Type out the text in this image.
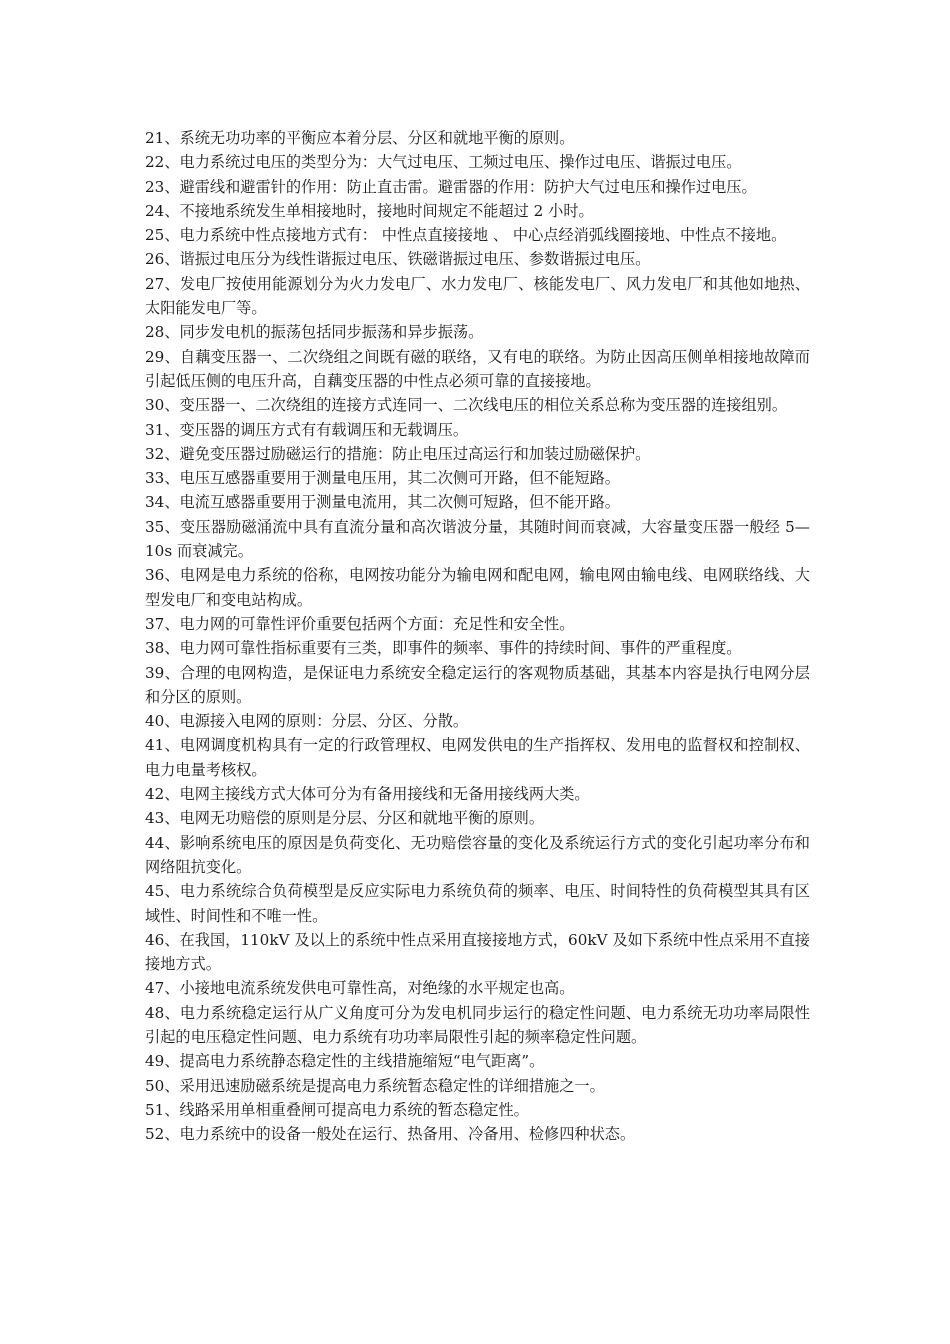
21、系统无功功率的平衡应本着分层、分区和就地平衡的原则。

22、电力系统过电压的类型分为：大气过电压、工频过电压、操作过电压、谐振过电压。

23、避雷线和避雷针的作用：防止直击雷。避雷器的作用：防护大气过电压和操作过电压。

24、不接地系统发生单相接地时，接地时间规定不能超过 2 小时。

25、电力系统中性点接地方式有： 中性点直接接地 、 中心点经消弧线圈接地、中性点不接地。

26、谐振过电压分为线性谐振过电压、铁磁谐振过电压、参数谐振过电压。

27、发电厂按使用能源划分为火力发电厂、水力发电厂、核能发电厂、风力发电厂和其他如地热、太阳能发电厂等。

28、同步发电机的振荡包括同步振荡和异步振荡。

29、自藕变压器一、二次绕组之间既有磁的联络，又有电的联络。为防止因高压侧单相接地故障而引起低压侧的电压升高，自藕变压器的中性点必须可靠的直接接地。

30、变压器一、二次绕组的连接方式连同一、二次线电压的相位关系总称为变压器的连接组别。

31、变压器的调压方式有有载调压和无载调压。

32、避免变压器过励磁运行的措施：防止电压过高运行和加装过励磁保护。

33、电压互感器重要用于测量电压用，其二次侧可开路，但不能短路。

34、电流互感器重要用于测量电流用，其二次侧可短路，但不能开路。

35、变压器励磁涌流中具有直流分量和高次谐波分量，其随时间而衰减，大容量变压器一般经 5—10s 而衰减完。

36、电网是电力系统的俗称，电网按功能分为输电网和配电网，输电网由输电线、电网联络线、大型发电厂和变电站构成。

37、电力网的可靠性评价重要包括两个方面：充足性和安全性。

38、电力网可靠性指标重要有三类，即事件的频率、事件的持续时间、事件的严重程度。

39、合理的电网构造，是保证电力系统安全稳定运行的客观物质基础，其基本内容是执行电网分层和分区的原则。

40、电源接入电网的原则：分层、分区、分散。

41、电网调度机构具有一定的行政管理权、电网发供电的生产指挥权、发用电的监督权和控制权、电力电量考核权。

42、电网主接线方式大体可分为有备用接线和无备用接线两大类。

43、电网无功赔偿的原则是分层、分区和就地平衡的原则。

44、影响系统电压的原因是负荷变化、无功赔偿容量的变化及系统运行方式的变化引起功率分布和网络阻抗变化。

45、电力系统综合负荷模型是反应实际电力系统负荷的频率、电压、时间特性的负荷模型其具有区域性、时间性和不唯一性。

46、在我国，110kV 及以上的系统中性点采用直接接地方式，60kV 及如下系统中性点采用不直接接地方式。

47、小接地电流系统发供电可靠性高，对绝缘的水平规定也高。

48、电力系统稳定运行从广义角度可分为发电机同步运行的稳定性问题、电力系统无功功率局限性引起的电压稳定性问题、电力系统有功功率局限性引起的频率稳定性问题。

49、提高电力系统静态稳定性的主线措施缩短“电气距离”。

50、采用迅速励磁系统是提高电力系统暂态稳定性的详细措施之一。

51、线路采用单相重叠闸可提高电力系统的暂态稳定性。

52、电力系统中的设备一般处在运行、热备用、冷备用、检修四种状态。
